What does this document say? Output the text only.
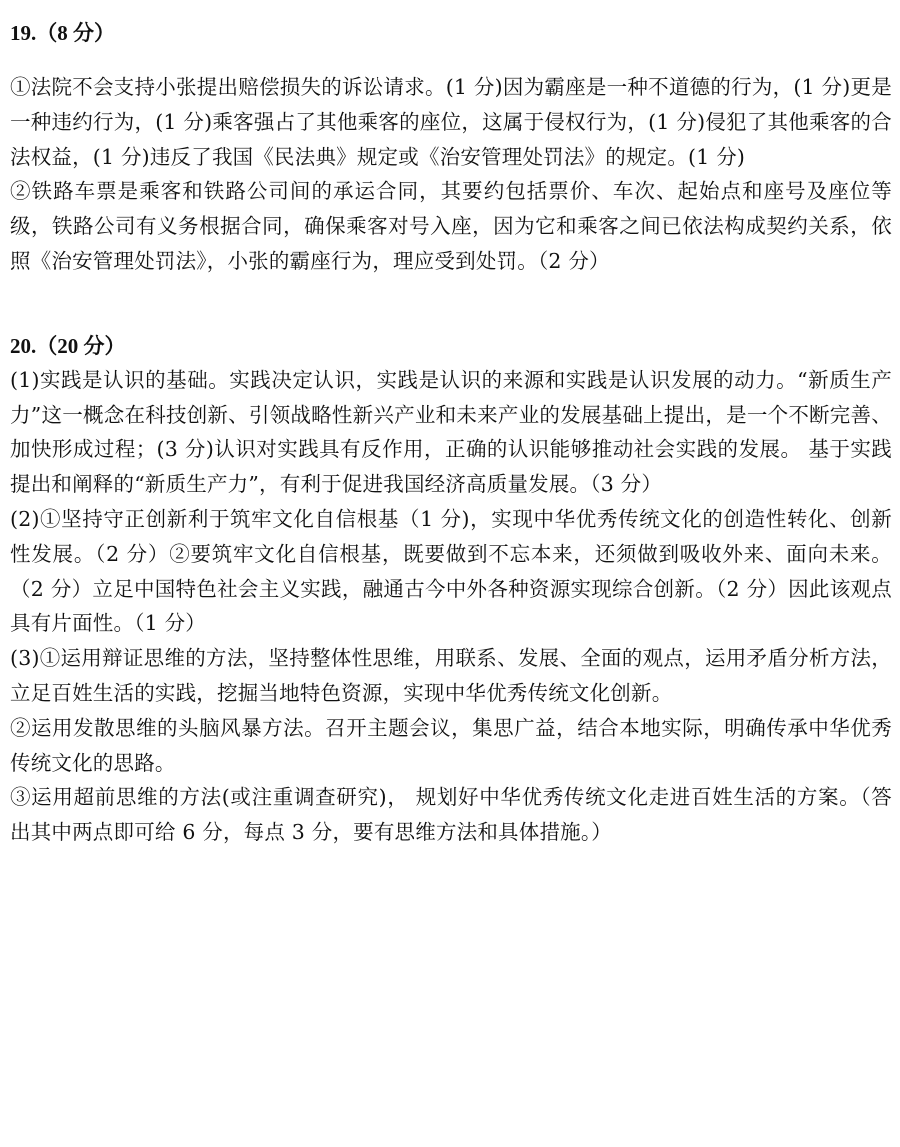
19.（8 分）

①法院不会支持小张提出赔偿损失的诉讼请求。(1 分)因为霸座是一种不道德的行为，(1 分)更是一种违约行为，(1 分)乘客强占了其他乘客的座位，这属于侵权行为，(1 分)侵犯了其他乘客的合法权益，(1 分)违反了我国《民法典》规定或《治安管理处罚法》的规定。(1 分)

②铁路车票是乘客和铁路公司间的承运合同，其要约包括票价、车次、起始点和座号及座位等级，铁路公司有义务根据合同，确保乘客对号入座，因为它和乘客之间已依法构成契约关系，依照《治安管理处罚法》，小张的霸座行为，理应受到处罚。（2 分）

20.（20 分）

(1)实践是认识的基础。实践决定认识，实践是认识的来源和实践是认识发展的动力。“新质生产力”这一概念在科技创新、引领战略性新兴产业和未来产业的发展基础上提出，是一个不断完善、加快形成过程；(3 分)认识对实践具有反作用，正确的认识能够推动社会实践的发展。 基于实践提出和阐释的“新质生产力”，有利于促进我国经济高质量发展。（3 分）

(2)①坚持守正创新利于筑牢文化自信根基（1 分)，实现中华优秀传统文化的创造性转化、创新性发展。（2 分）②要筑牢文化自信根基，既要做到不忘本来，还须做到吸收外来、面向未来。（2 分）立足中国特色社会主义实践，融通古今中外各种资源实现综合创新。（2 分）因此该观点具有片面性。（1 分）

(3)①运用辩证思维的方法，坚持整体性思维，用联系、发展、全面的观点，运用矛盾分析方法，立足百姓生活的实践，挖掘当地特色资源，实现中华优秀传统文化创新。

②运用发散思维的头脑风暴方法。召开主题会议，集思广益，结合本地实际，明确传承中华优秀传统文化的思路。

③运用超前思维的方法(或注重调查研究)， 规划好中华优秀传统文化走进百姓生活的方案。（答出其中两点即可给 6 分，每点 3 分，要有思维方法和具体措施。）
